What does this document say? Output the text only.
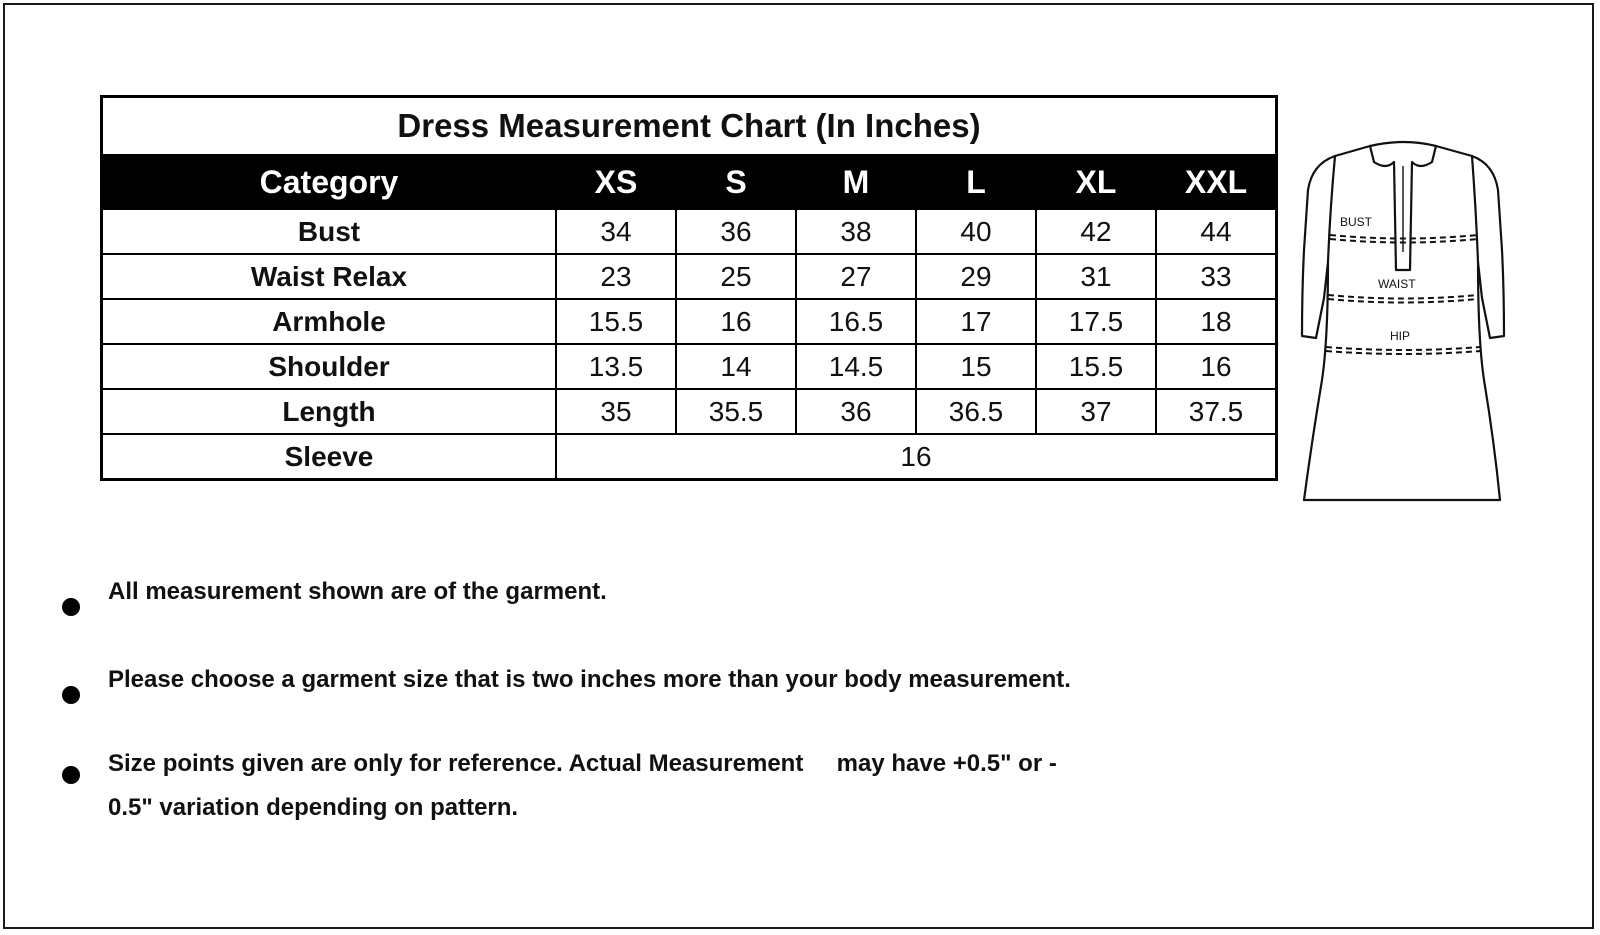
Dress Measurement Chart (In Inches)						
Category	XS	S	M	L	XL	XXL
Bust	34	36	38	40	42	44
Waist Relax	23	25	27	29	31	33
Armhole	15.5	16	16.5	17	17.5	18
Shoulder	13.5	14	14.5	15	15.5	16
Length	35	35.5	36	36.5	37	37.5
Sleeve	16					
BUST
WAIST
HIP
All measurement shown are of the garment.
Please choose a garment size that is two inches more than your body measurement.
Size points given are only for reference. Actual Measurement     may have +0.5" or -
0.5" variation depending on pattern.
